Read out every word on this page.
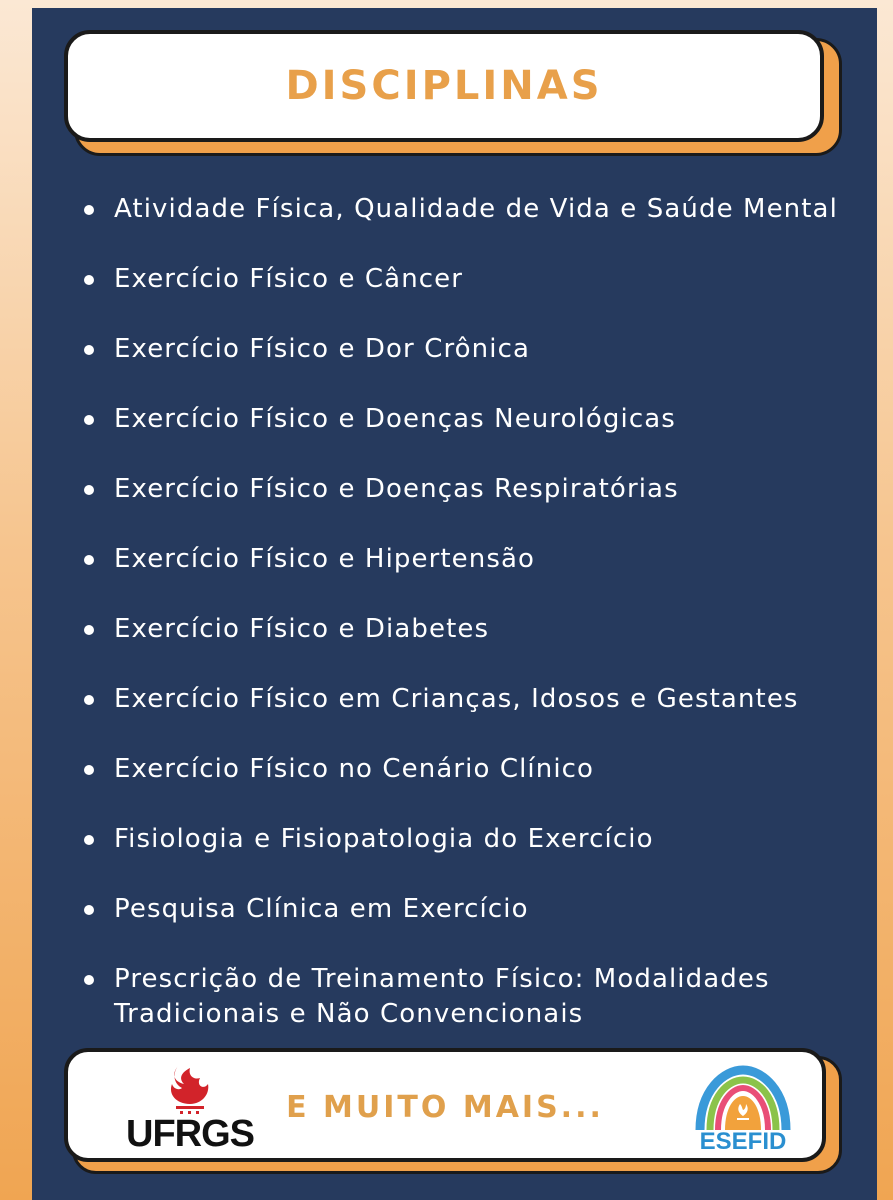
DISCIPLINAS
Atividade Física, Qualidade de Vida e Saúde Mental
Exercício Físico e Câncer
Exercício Físico e Dor Crônica
Exercício Físico e Doenças Neurológicas
Exercício Físico e Doenças Respiratórias
Exercício Físico e Hipertensão
Exercício Físico e Diabetes
Exercício Físico em Crianças, Idosos e Gestantes
Exercício Físico no Cenário Clínico
Fisiologia e Fisiopatologia do Exercício
Pesquisa Clínica em Exercício
Prescrição de Treinamento Físico: Modalidades Tradicionais e Não Convencionais
UFRGS
E MUITO MAIS...
ESEFID
